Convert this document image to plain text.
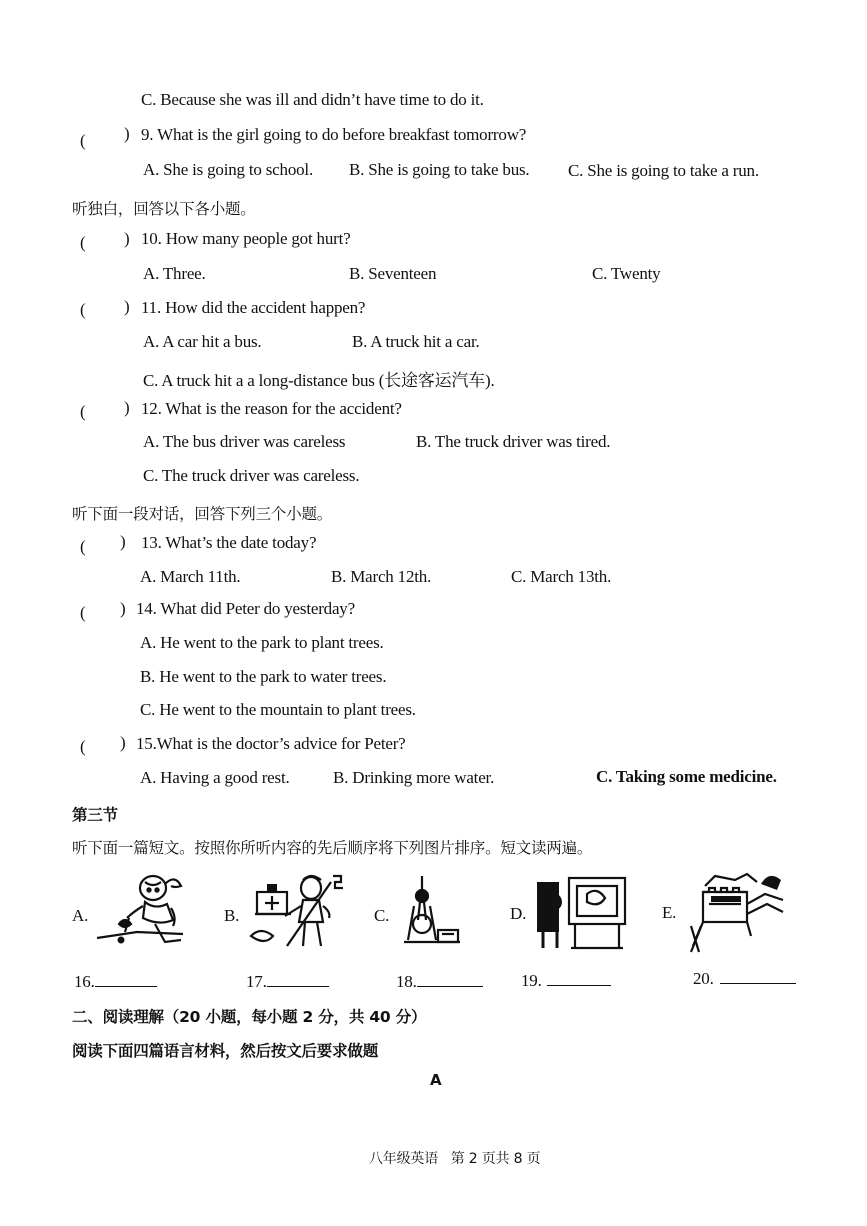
C. Because she was ill and didn’t have time to do it.
( ) 9. What is the girl going to do before breakfast tomorrow?
A. She is going to school. B. She is going to take bus. C. She is going to take a run.
听独白，回答以下各小题。
( ) 10. How many people got hurt?
A. Three.	B. Seventeen	C. Twenty
( ) 11. How did the accident happen?
A. A car hit a bus.	B. A truck hit a car.
C. A truck hit a a long-distance bus (长途客运汽车).
( ) 12. What is the reason for the accident?
A. The bus driver was careless	B. The truck driver was tired.
C. The truck driver was careless.
听下面一段对话，回答下列三个小题。
( ) 13. What’s the date today?
A. March 11th.	B. March 12th.	C. March 13th.
( ) 14. What did Peter do yesterday?
A. He went to the park to plant trees.
B. He went to the park to water trees.
C. He went to the mountain to plant trees.
( ) 15.What is the doctor’s advice for Peter?
A. Having a good rest.	B. Drinking more water.	C. Taking some medicine.
第三节
听下面一篇短文。按照你所听内容的先后顺序将下列图片排序。短文读两遍。
A.	B.	C.	D.	E.
16.	17.	18.	19.	20.
二、阅读理解（20 小题，每小题 2 分，共 40 分）
阅读下面四篇语言材料，然后按文后要求做题
A
八年级英语   第 2 页共 8 页
